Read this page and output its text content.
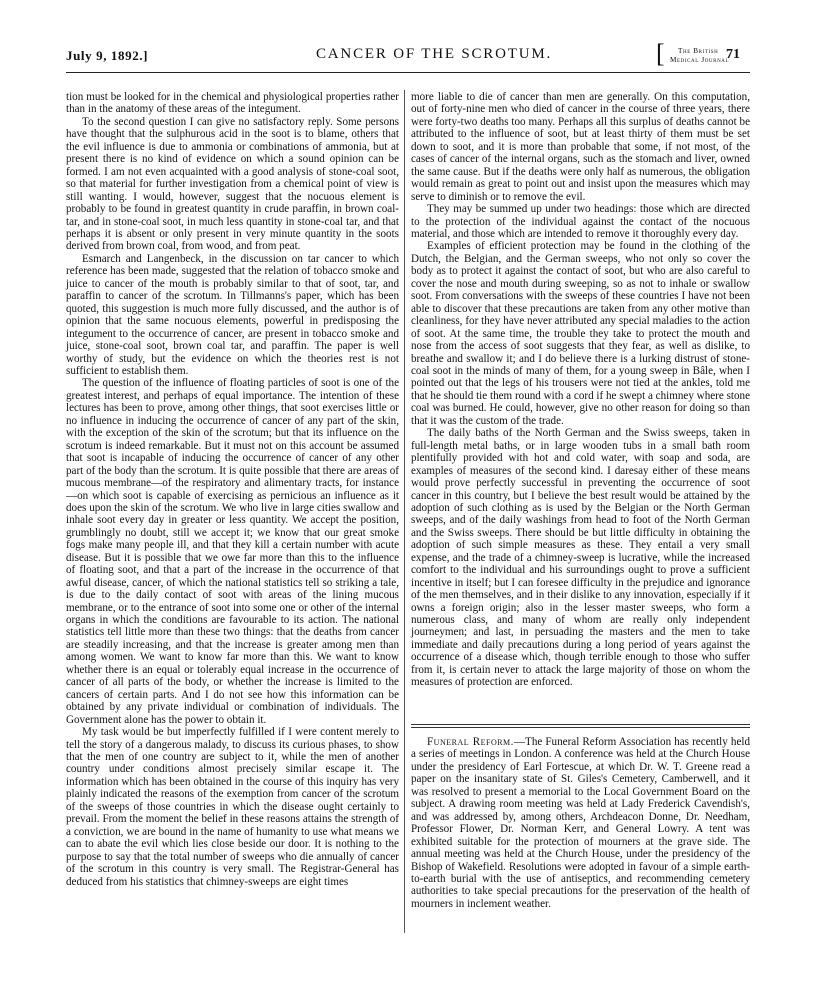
July 9, 1892.]	CANCER OF THE SCROTUM.	[ The British
Medical Journal
71

tion must be looked for in the chemical and physiological properties rather than in the anatomy of these areas of the integument.

To the second question I can give no satisfactory reply. Some persons have thought that the sulphurous acid in the soot is to blame, others that the evil influence is due to ammonia or combinations of ammonia, but at present there is no kind of evidence on which a sound opinion can be formed. I am not even acquainted with a good analysis of stone-coal soot, so that material for further investigation from a chemical point of view is still wanting. I would, however, suggest that the nocuous element is probably to be found in greatest quantity in crude paraffin, in brown coal-tar, and in stone-coal soot, in much less quantity in stone-coal tar, and that perhaps it is absent or only present in very minute quantity in the soots derived from brown coal, from wood, and from peat.

Esmarch and Langenbeck, in the discussion on tar cancer to which reference has been made, suggested that the relation of tobacco smoke and juice to cancer of the mouth is probably similar to that of soot, tar, and paraffin to cancer of the scrotum. In Tillmanns's paper, which has been quoted, this suggestion is much more fully discussed, and the author is of opinion that the same nocuous elements, powerful in predisposing the integument to the occurrence of cancer, are present in tobacco smoke and juice, stone-coal soot, brown coal tar, and paraffin. The paper is well worthy of study, but the evidence on which the theories rest is not sufficient to establish them.

The question of the influence of floating particles of soot is one of the greatest interest, and perhaps of equal importance. The intention of these lectures has been to prove, among other things, that soot exercises little or no influence in inducing the occurrence of cancer of any part of the skin, with the exception of the skin of the scrotum; but that its influence on the scrotum is indeed remarkable. But it must not on this account be assumed that soot is incapable of inducing the occurrence of cancer of any other part of the body than the scrotum. It is quite possible that there are areas of mucous membrane—of the respiratory and alimentary tracts, for instance—on which soot is capable of exercising as pernicious an influence as it does upon the skin of the scrotum. We who live in large cities swallow and inhale soot every day in greater or less quantity. We accept the position, grumblingly no doubt, still we accept it; we know that our great smoke fogs make many people ill, and that they kill a certain number with acute disease. But it is possible that we owe far more than this to the influence of floating soot, and that a part of the increase in the occurrence of that awful disease, cancer, of which the national statistics tell so striking a tale, is due to the daily contact of soot with areas of the lining mucous membrane, or to the entrance of soot into some one or other of the internal organs in which the conditions are favourable to its action. The national statistics tell little more than these two things: that the deaths from cancer are steadily increasing, and that the increase is greater among men than among women. We want to know far more than this. We want to know whether there is an equal or tolerably equal increase in the occurrence of cancer of all parts of the body, or whether the increase is limited to the cancers of certain parts. And I do not see how this information can be obtained by any private individual or combination of individuals. The Government alone has the power to obtain it.

My task would be but imperfectly fulfilled if I were content merely to tell the story of a dangerous malady, to discuss its curious phases, to show that the men of one country are subject to it, while the men of another country under conditions almost precisely similar escape it. The information which has been obtained in the course of this inquiry has very plainly indicated the reasons of the exemption from cancer of the scrotum of the sweeps of those countries in which the disease ought certainly to prevail. From the moment the belief in these reasons attains the strength of a conviction, we are bound in the name of humanity to use what means we can to abate the evil which lies close beside our door. It is nothing to the purpose to say that the total number of sweeps who die annually of cancer of the scrotum in this country is very small. The Registrar-General has deduced from his statistics that chimney-sweeps are eight times

more liable to die of cancer than men are generally. On this computation, out of forty-nine men who died of cancer in the course of three years, there were forty-two deaths too many. Perhaps all this surplus of deaths cannot be attributed to the influence of soot, but at least thirty of them must be set down to soot, and it is more than probable that some, if not most, of the cases of cancer of the internal organs, such as the stomach and liver, owned the same cause. But if the deaths were only half as numerous, the obligation would remain as great to point out and insist upon the measures which may serve to diminish or to remove the evil.

They may be summed up under two headings: those which are directed to the protection of the individual against the contact of the nocuous material, and those which are intended to remove it thoroughly every day.

Examples of efficient protection may be found in the clothing of the Dutch, the Belgian, and the German sweeps, who not only so cover the body as to protect it against the contact of soot, but who are also careful to cover the nose and mouth during sweeping, so as not to inhale or swallow soot. From conversations with the sweeps of these countries I have not been able to discover that these precautions are taken from any other motive than cleanliness, for they have never attributed any special maladies to the action of soot. At the same time, the trouble they take to protect the mouth and nose from the access of soot suggests that they fear, as well as dislike, to breathe and swallow it; and I do believe there is a lurking distrust of stone-coal soot in the minds of many of them, for a young sweep in Bâle, when I pointed out that the legs of his trousers were not tied at the ankles, told me that he should tie them round with a cord if he swept a chimney where stone coal was burned. He could, however, give no other reason for doing so than that it was the custom of the trade.

The daily baths of the North German and the Swiss sweeps, taken in full-length metal baths, or in large wooden tubs in a small bath room plentifully provided with hot and cold water, with soap and soda, are examples of measures of the second kind. I daresay either of these means would prove perfectly successful in preventing the occurrence of soot cancer in this country, but I believe the best result would be attained by the adoption of such clothing as is used by the Belgian or the North German sweeps, and of the daily washings from head to foot of the North German and the Swiss sweeps. There should be but little difficulty in obtaining the adoption of such simple measures as these. They entail a very small expense, and the trade of a chimney-sweep is lucrative, while the increased comfort to the individual and his surroundings ought to prove a sufficient incentive in itself; but I can foresee difficulty in the prejudice and ignorance of the men themselves, and in their dislike to any innovation, especially if it owns a foreign origin; also in the lesser master sweeps, who form a numerous class, and many of whom are really only independent journeymen; and last, in persuading the masters and the men to take immediate and daily precautions during a long period of years against the occurrence of a disease which, though terrible enough to those who suffer from it, is certain never to attack the large majority of those on whom the measures of protection are enforced.

Funeral Reform.—The Funeral Reform Association has recently held a series of meetings in London. A conference was held at the Church House under the presidency of Earl Fortescue, at which Dr. W. T. Greene read a paper on the insanitary state of St. Giles's Cemetery, Camberwell, and it was resolved to present a memorial to the Local Government Board on the subject. A drawing room meeting was held at Lady Frederick Cavendish's, and was addressed by, among others, Archdeacon Donne, Dr. Needham, Professor Flower, Dr. Norman Kerr, and General Lowry. A tent was exhibited suitable for the protection of mourners at the grave side. The annual meeting was held at the Church House, under the presidency of the Bishop of Wakefield. Resolutions were adopted in favour of a simple earth-to-earth burial with the use of antiseptics, and recommending cemetery authorities to take special precautions for the preservation of the health of mourners in inclement weather.
